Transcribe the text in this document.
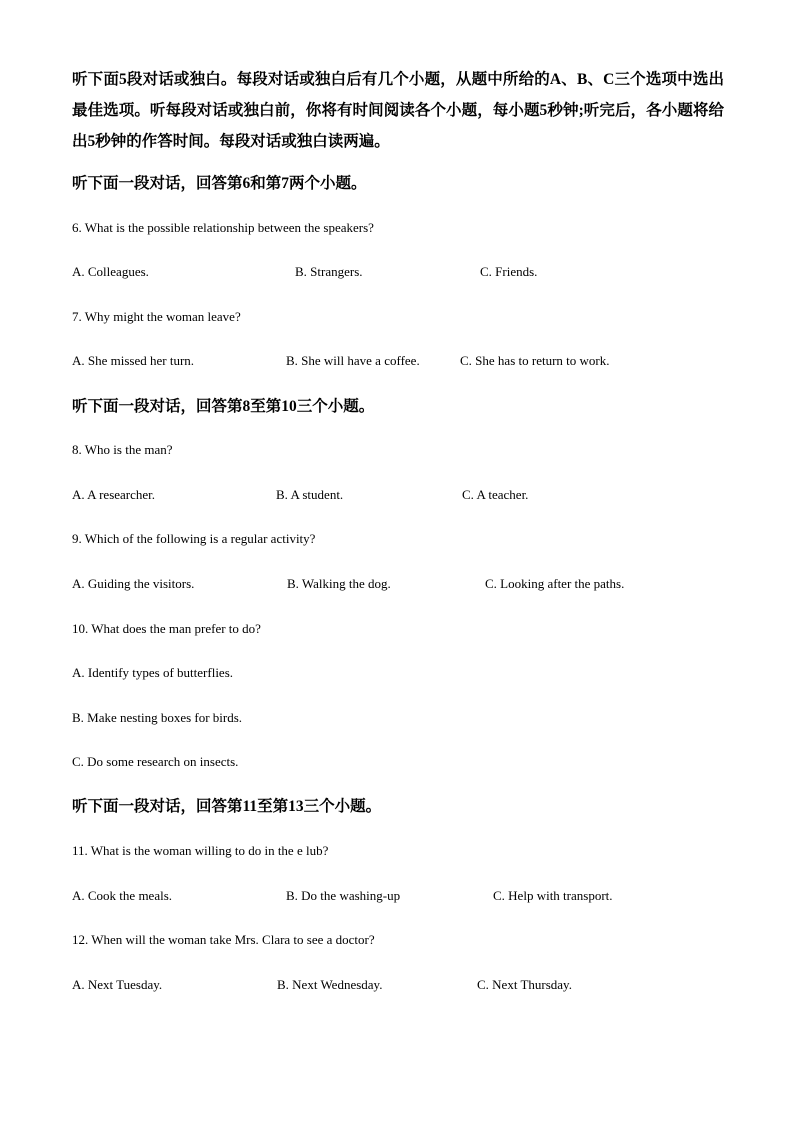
听下面5段对话或独白。每段对话或独白后有几个小题，从题中所给的A、B、C三个选项中选出最佳选项。听每段对话或独白前，你将有时间阅读各个小题，每小题5秒钟;听完后，各小题将给出5秒钟的作答时间。每段对话或独白读两遍。
听下面一段对话，回答第6和第7两个小题。
6. What is the possible relationship between the speakers?
A. Colleagues.	B. Strangers.	C. Friends.
7. Why might the woman leave?
A. She missed her turn.	B. She will have a coffee.	C. She has to return to work.
听下面一段对话，回答第8至第10三个小题。
8. Who is the man?
A. A researcher.	B. A student.	C. A teacher.
9. Which of the following is a regular activity?
A. Guiding the visitors.	B. Walking the dog.	C. Looking after the paths.
10. What does the man prefer to do?
A. Identify types of butterflies.
B. Make nesting boxes for birds.
C. Do some research on insects.
听下面一段对话，回答第11至第13三个小题。
11. What is the woman willing to do in the e lub?
A. Cook the meals.	B. Do the washing-up	C. Help with transport.
12. When will the woman take Mrs. Clara to see a doctor?
A. Next Tuesday.	B. Next Wednesday.	C. Next Thursday.
